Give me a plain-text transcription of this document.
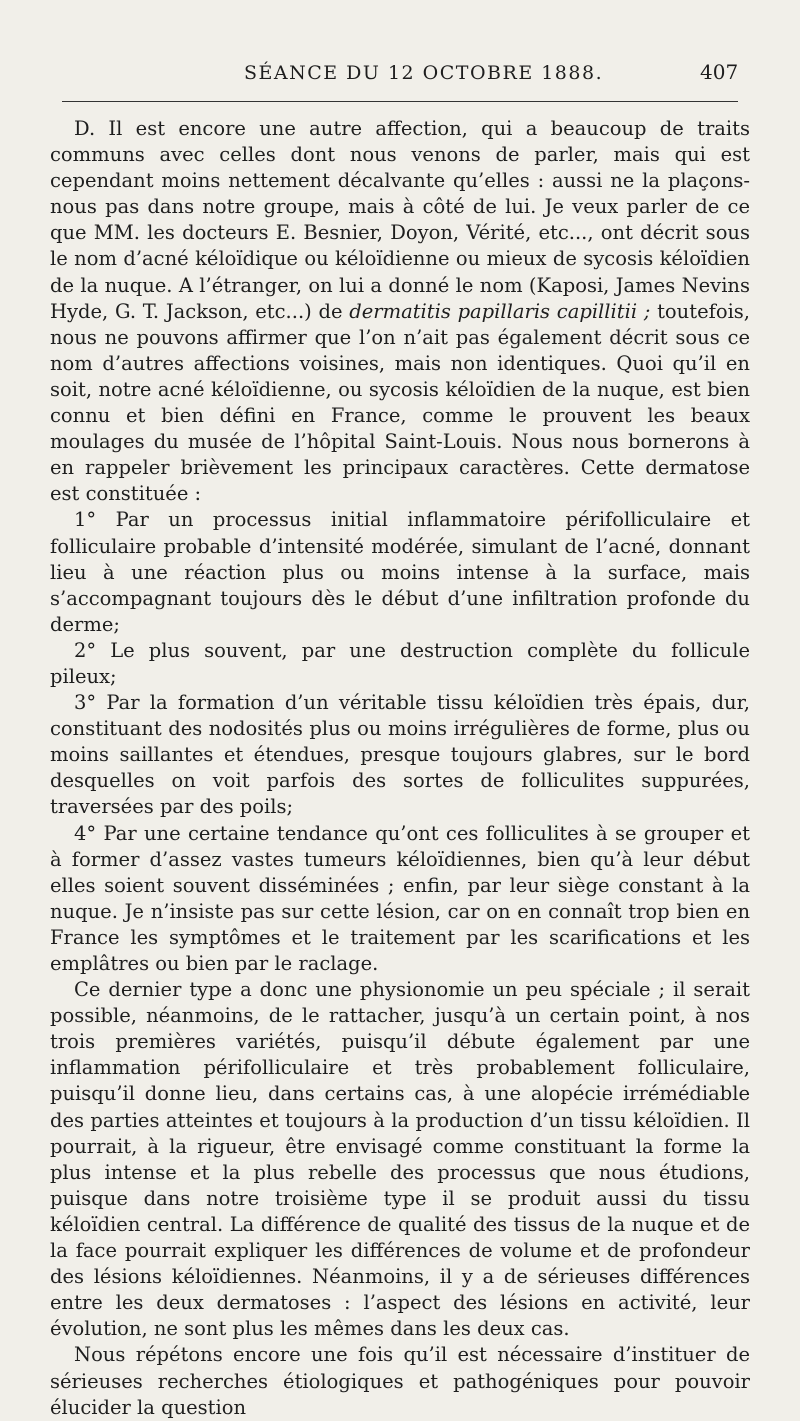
SÉANCE DU 12 OCTOBRE 1888.	407

D. Il est encore une autre affection, qui a beaucoup de traits communs avec celles dont nous venons de parler, mais qui est cependant moins nettement décalvante qu’elles : aussi ne la plaçons-nous pas dans notre groupe, mais à côté de lui. Je veux parler de ce que MM. les docteurs E. Besnier, Doyon, Vérité, etc..., ont décrit sous le nom d’acné kéloïdique ou kéloïdienne ou mieux de sycosis kéloïdien de la nuque. A l’étranger, on lui a donné le nom (Kaposi, James Nevins Hyde, G. T. Jackson, etc...) de dermatitis papillaris capillitii ; toutefois, nous ne pouvons affirmer que l’on n’ait pas également décrit sous ce nom d’autres affections voisines, mais non identiques. Quoi qu’il en soit, notre acné kéloïdienne, ou sycosis kéloïdien de la nuque, est bien connu et bien défini en France, comme le prouvent les beaux moulages du musée de l’hôpital Saint-Louis. Nous nous bornerons à en rappeler brièvement les principaux caractères. Cette dermatose est constituée :

1° Par un processus initial inflammatoire périfolliculaire et folliculaire probable d’intensité modérée, simulant de l’acné, donnant lieu à une réaction plus ou moins intense à la surface, mais s’accompagnant toujours dès le début d’une infiltration profonde du derme;

2° Le plus souvent, par une destruction complète du follicule pileux;

3° Par la formation d’un véritable tissu kéloïdien très épais, dur, constituant des nodosités plus ou moins irrégulières de forme, plus ou moins saillantes et étendues, presque toujours glabres, sur le bord desquelles on voit parfois des sortes de folliculites suppurées, traversées par des poils;

4° Par une certaine tendance qu’ont ces folliculites à se grouper et à former d’assez vastes tumeurs kéloïdiennes, bien qu’à leur début elles soient souvent disséminées ; enfin, par leur siège constant à la nuque. Je n’insiste pas sur cette lésion, car on en connaît trop bien en France les symptômes et le traitement par les scarifications et les emplâtres ou bien par le raclage.

Ce dernier type a donc une physionomie un peu spéciale ; il serait possible, néanmoins, de le rattacher, jusqu’à un certain point, à nos trois premières variétés, puisqu’il débute également par une inflammation périfolliculaire et très probablement folliculaire, puisqu’il donne lieu, dans certains cas, à une alopécie irrémédiable des parties atteintes et toujours à la production d’un tissu kéloïdien. Il pourrait, à la rigueur, être envisagé comme constituant la forme la plus intense et la plus rebelle des processus que nous étudions, puisque dans notre troisième type il se produit aussi du tissu kéloïdien central. La différence de qualité des tissus de la nuque et de la face pourrait expliquer les différences de volume et de profondeur des lésions kéloïdiennes. Néanmoins, il y a de sérieuses différences entre les deux dermatoses : l’aspect des lésions en activité, leur évolution, ne sont plus les mêmes dans les deux cas.

Nous répétons encore une fois qu’il est nécessaire d’instituer de sérieuses recherches étiologiques et pathogéniques pour pouvoir élucider la question
